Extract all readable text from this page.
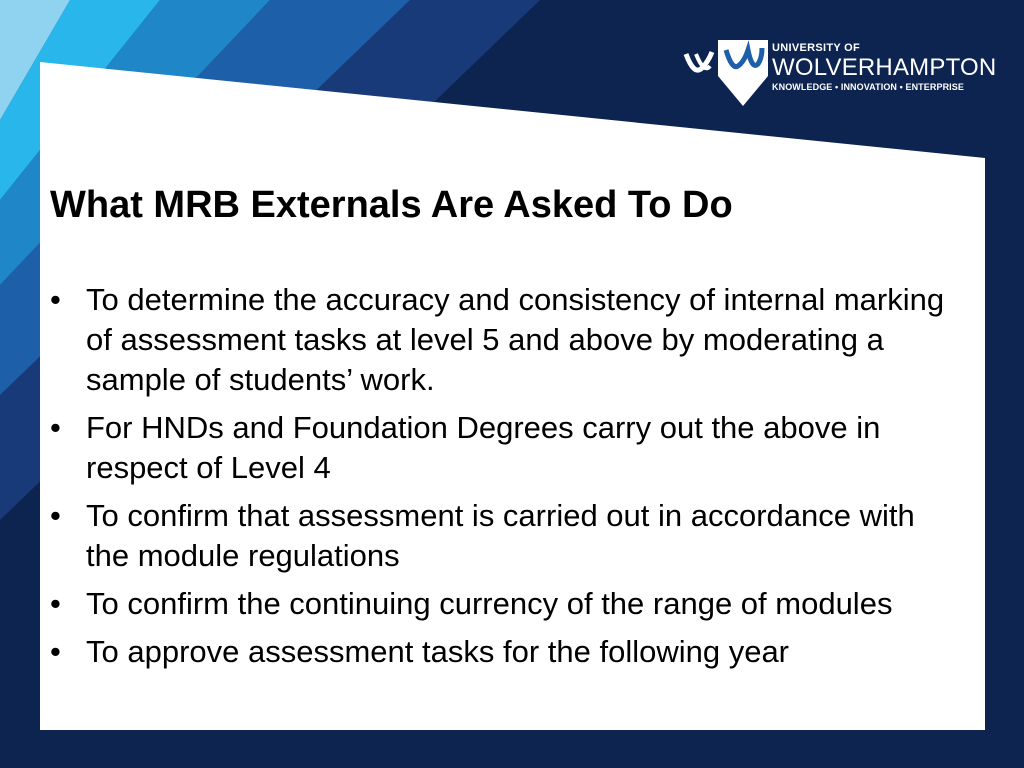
UNIVERSITY OF
WOLVERHAMPTON
KNOWLEDGE • INNOVATION • ENTERPRISE
What MRB Externals Are Asked To Do
• To determine the accuracy and consistency of internal marking of assessment tasks at level 5 and above by moderating a sample of students’ work.
• For HNDs and Foundation Degrees carry out the above in respect of Level 4
• To confirm that assessment is carried out in accordance with the module regulations
• To confirm the continuing currency of the range of modules
• To approve assessment tasks for the following year
